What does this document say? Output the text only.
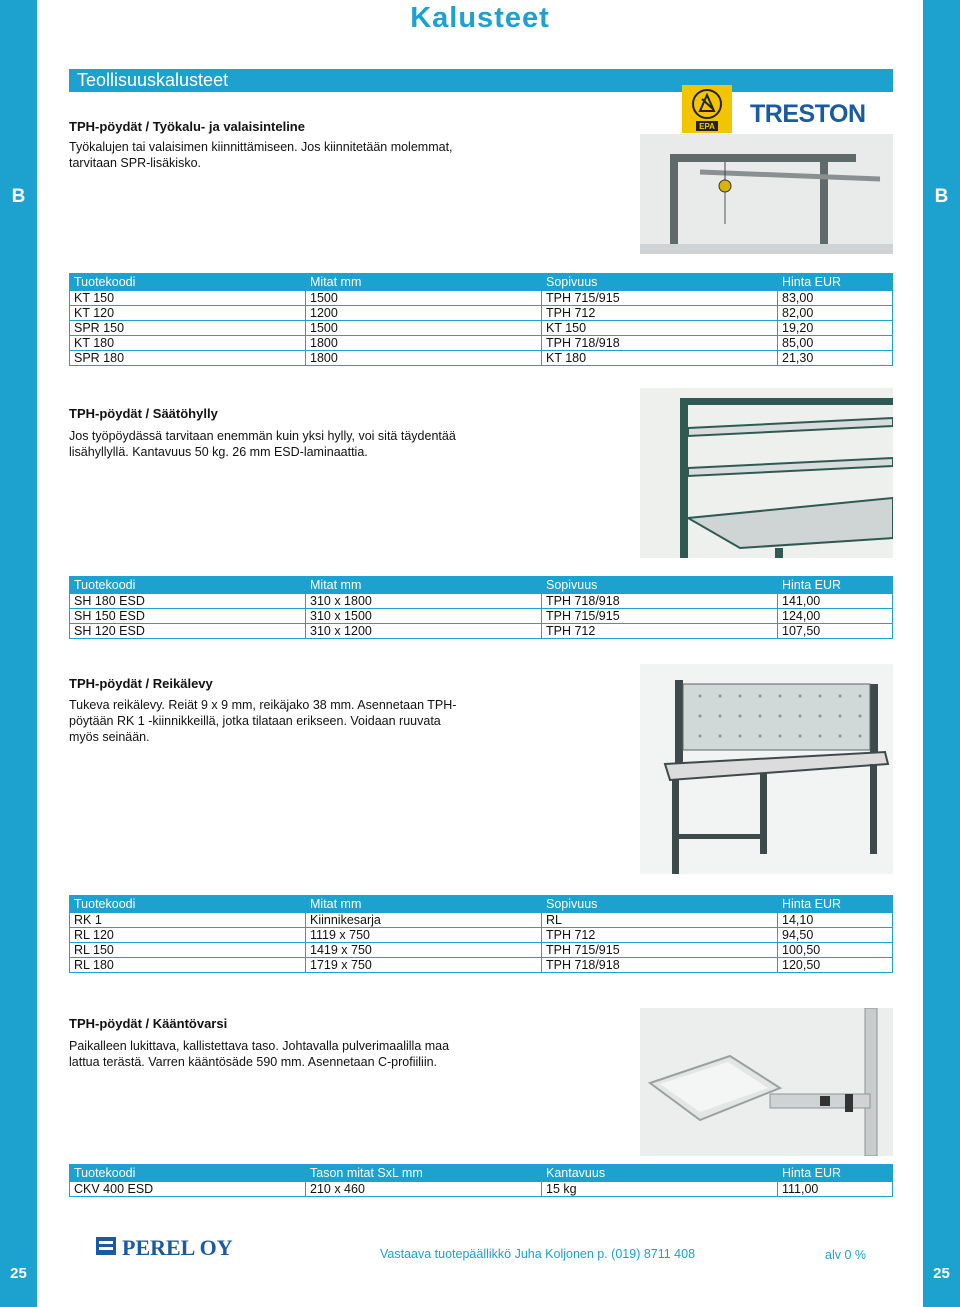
B
25
B
25
Kalusteet
Teollisuuskalusteet
TPH-pöydät / Työkalu- ja valaisinteline
Työkalujen tai valaisimen kiinnittämiseen. Jos kiinnitetään molemmat,
tarvitaan SPR-lisäkisko.
EPA TRESTON
Tuotekoodi	Mitat mm	Sopivuus	Hinta EUR
KT 150	1500	TPH 715/915	83,00
KT 120	1200	TPH 712	82,00
SPR 150	1500	KT 150	19,20
KT 180	1800	TPH 718/918	85,00
SPR 180	1800	KT 180	21,30
TPH-pöydät / Säätöhylly
Jos työpöydässä tarvitaan enemmän kuin yksi hylly, voi sitä täydentää
lisähyllyllä. Kantavuus 50 kg. 26 mm ESD-laminaattia.
Tuotekoodi	Mitat mm	Sopivuus	Hinta EUR
SH 180 ESD	310 x 1800	TPH 718/918	141,00
SH 150 ESD	310 x 1500	TPH 715/915	124,00
SH 120 ESD	310 x 1200	TPH 712	107,50
TPH-pöydät / Reikälevy
Tukeva reikälevy. Reiät 9 x 9 mm, reikäjako 38 mm. Asennetaan TPH-
pöytään RK 1 -kiinnikkeillä, jotka tilataan erikseen. Voidaan ruuvata
myös seinään.
Tuotekoodi	Mitat mm	Sopivuus	Hinta EUR
RK 1	Kiinnikesarja	RL	14,10
RL 120	1119 x 750	TPH 712	94,50
RL 150	1419 x 750	TPH 715/915	100,50
RL 180	1719 x 750	TPH 718/918	120,50
TPH-pöydät / Kääntövarsi
Paikalleen lukittava, kallistettava taso. Johtavalla pulverimaalilla maa
lattua terästä. Varren kääntösäde 590 mm. Asennetaan C-profiiliin.
Tuotekoodi	Tason mitat SxL mm	Kantavuus	Hinta EUR
CKV 400 ESD	210 x 460	15 kg	111,00
PEREL OY	Vastaava tuotepäällikkö Juha Koljonen p. (019) 8711 408	alv 0 %
